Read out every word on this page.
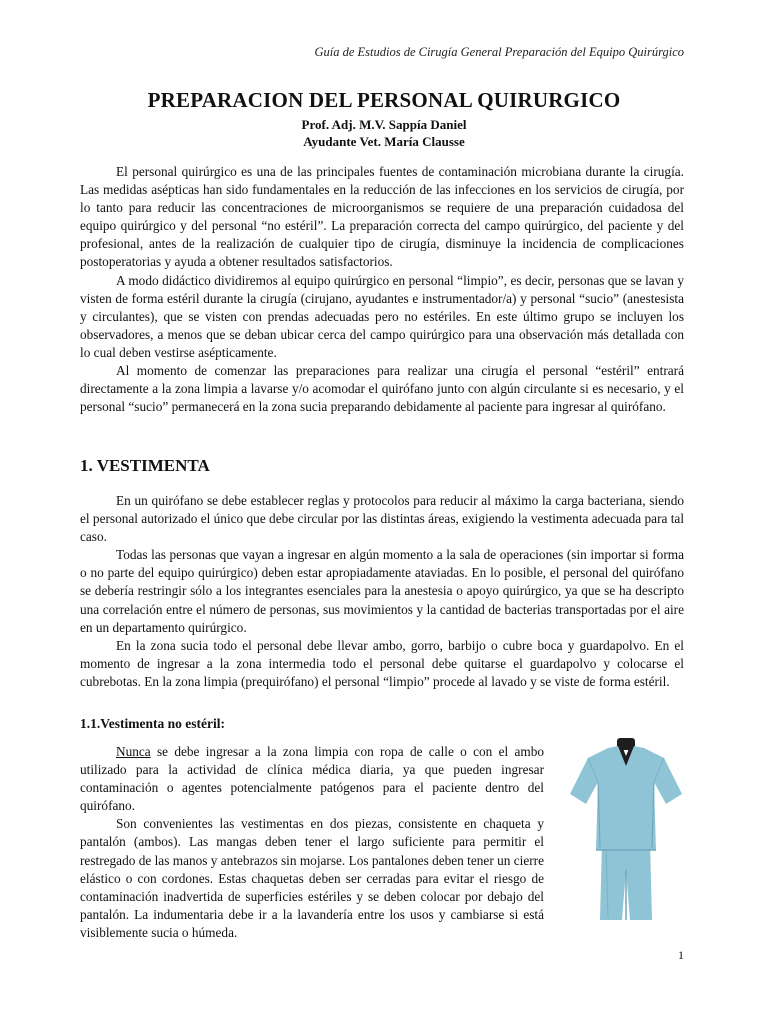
Guía de Estudios de Cirugía General Preparación del Equipo Quirúrgico
PREPARACION DEL PERSONAL QUIRURGICO
Prof. Adj. M.V. Sappía Daniel
Ayudante Vet. María Clausse

El personal quirúrgico es una de las principales fuentes de contaminación microbiana durante la cirugía. Las medidas asépticas han sido fundamentales en la reducción de las infecciones en los servicios de cirugía, por lo tanto para reducir las concentraciones de microorganismos se requiere de una preparación cuidadosa del equipo quirúrgico y del personal “no estéril”. La preparación correcta del campo quirúrgico, del paciente y del profesional, antes de la realización de cualquier tipo de cirugía, disminuye la incidencia de complicaciones postoperatorias y ayuda a obtener resultados satisfactorios.

A modo didáctico dividiremos al equipo quirúrgico en personal “limpio”, es decir, personas que se lavan y visten de forma estéril durante la cirugía (cirujano, ayudantes e instrumentador/a) y personal “sucio” (anestesista y circulantes), que se visten con prendas adecuadas pero no estériles. En este último grupo se incluyen los observadores, a menos que se deban ubicar cerca del campo quirúrgico para una observación más detallada con lo cual deben vestirse asépticamente.

Al momento de comenzar las preparaciones para realizar una cirugía el personal “estéril” entrará directamente a la zona limpia a lavarse y/o acomodar el quirófano junto con algún circulante si es necesario, y el personal “sucio” permanecerá en la zona sucia preparando debidamente al paciente para ingresar al quirófano.

1. VESTIMENTA

En un quirófano se debe establecer reglas y protocolos para reducir al máximo la carga bacteriana, siendo el personal autorizado el único que debe circular por las distintas áreas, exigiendo la vestimenta adecuada para tal caso.

Todas las personas que vayan a ingresar en algún momento a la sala de operaciones (sin importar si forma o no parte del equipo quirúrgico) deben estar apropiadamente ataviadas. En lo posible, el personal del quirófano se debería restringir sólo a los integrantes esenciales para la anestesia o apoyo quirúrgico, ya que se ha descripto una correlación entre el número de personas, sus movimientos y la cantidad de bacterias transportadas por el aire en un departamento quirúrgico.

En la zona sucia todo el personal debe llevar ambo, gorro, barbijo o cubre boca y guardapolvo. En el momento de ingresar a la zona intermedia todo el personal debe quitarse el guardapolvo y colocarse el cubrebotas. En la zona limpia (prequirófano) el personal “limpio” procede al lavado y se viste de forma estéril.

1.1.Vestimenta no estéril:

Nunca se debe ingresar a la zona limpia con ropa de calle o con el ambo utilizado para la actividad de clínica médica diaria, ya que pueden ingresar contaminación o agentes potencialmente patógenos para el paciente dentro del quirófano.

Son convenientes las vestimentas en dos piezas, consistente en chaqueta y pantalón (ambos). Las mangas deben tener el largo suficiente para permitir el restregado de las manos y antebrazos sin mojarse. Los pantalones deben tener un cierre elástico o con cordones. Estas chaquetas deben ser cerradas para evitar el riesgo de contaminación inadvertida de superficies estériles y se deben colocar por debajo del pantalón. La indumentaria debe ir a la lavandería entre los usos y cambiarse si está visiblemente sucia o húmeda.

1
